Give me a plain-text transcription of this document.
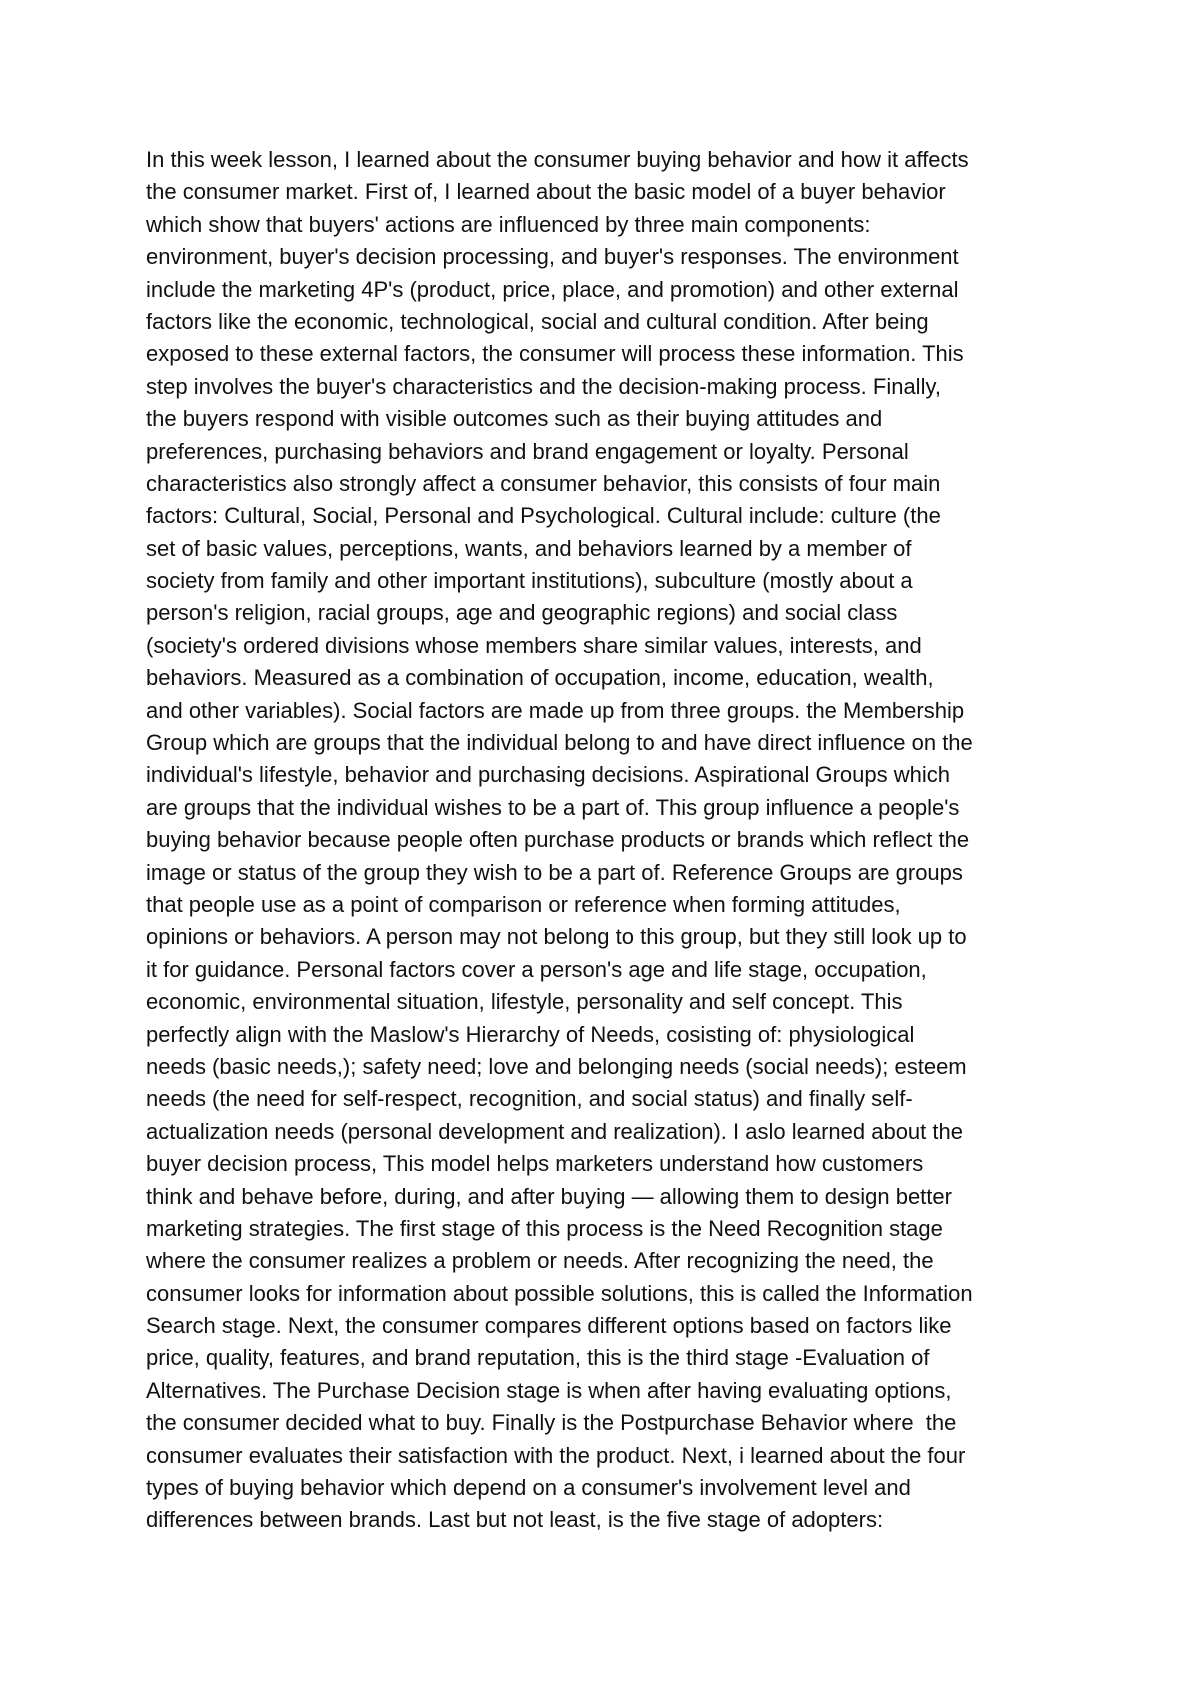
In this week lesson, I learned about the consumer buying behavior and how it affects
the consumer market. First of, I learned about the basic model of a buyer behavior
which show that buyers' actions are influenced by three main components:
environment, buyer's decision processing, and buyer's responses. The environment
include the marketing 4P's (product, price, place, and promotion) and other external
factors like the economic, technological, social and cultural condition. After being
exposed to these external factors, the consumer will process these information. This
step involves the buyer's characteristics and the decision-making process. Finally,
the buyers respond with visible outcomes such as their buying attitudes and
preferences, purchasing behaviors and brand engagement or loyalty. Personal
characteristics also strongly affect a consumer behavior, this consists of four main
factors: Cultural, Social, Personal and Psychological. Cultural include: culture (the
set of basic values, perceptions, wants, and behaviors learned by a member of
society from family and other important institutions), subculture (mostly about a
person's religion, racial groups, age and geographic regions) and social class
(society's ordered divisions whose members share similar values, interests, and
behaviors. Measured as a combination of occupation, income, education, wealth,
and other variables). Social factors are made up from three groups. the Membership
Group which are groups that the individual belong to and have direct influence on the
individual's lifestyle, behavior and purchasing decisions. Aspirational Groups which
are groups that the individual wishes to be a part of. This group influence a people's
buying behavior because people often purchase products or brands which reflect the
image or status of the group they wish to be a part of. Reference Groups are groups
that people use as a point of comparison or reference when forming attitudes,
opinions or behaviors. A person may not belong to this group, but they still look up to
it for guidance. Personal factors cover a person's age and life stage, occupation,
economic, environmental situation, lifestyle, personality and self concept. This
perfectly align with the Maslow's Hierarchy of Needs, cosisting of: physiological
needs (basic needs,); safety need; love and belonging needs (social needs); esteem
needs (the need for self-respect, recognition, and social status) and finally self-
actualization needs (personal development and realization). I aslo learned about the
buyer decision process, This model helps marketers understand how customers
think and behave before, during, and after buying — allowing them to design better
marketing strategies. The first stage of this process is the Need Recognition stage
where the consumer realizes a problem or needs. After recognizing the need, the
consumer looks for information about possible solutions, this is called the Information
Search stage. Next, the consumer compares different options based on factors like
price, quality, features, and brand reputation, this is the third stage -Evaluation of
Alternatives. The Purchase Decision stage is when after having evaluating options,
the consumer decided what to buy. Finally is the Postpurchase Behavior where  the
consumer evaluates their satisfaction with the product. Next, i learned about the four
types of buying behavior which depend on a consumer's involvement level and
differences between brands. Last but not least, is the five stage of adopters:
